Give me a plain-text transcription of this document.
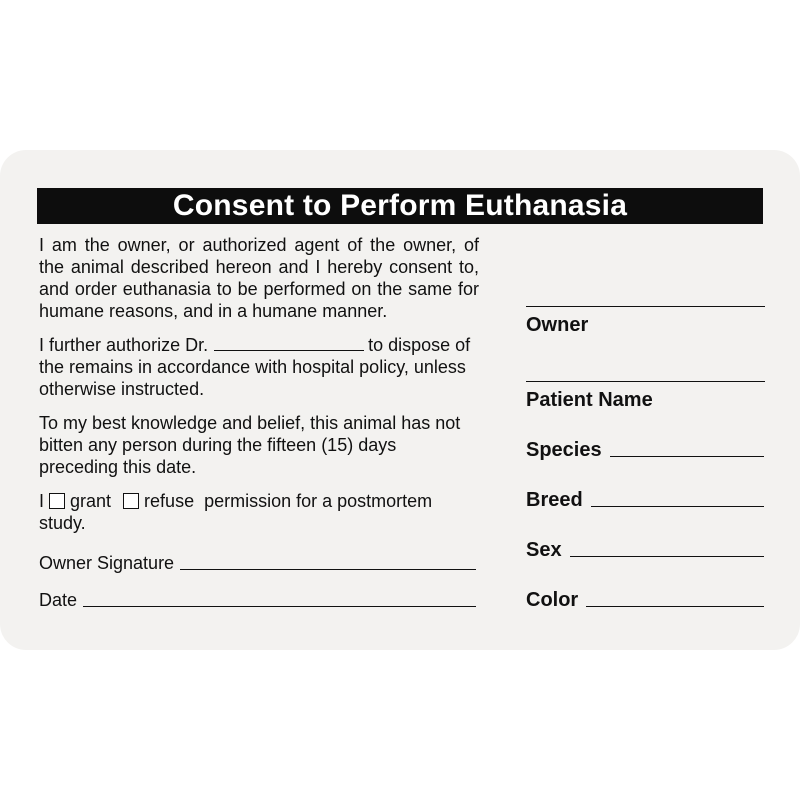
Consent to Perform Euthanasia

I am the owner, or authorized agent of the owner, of the animal described hereon and I hereby consent to, and order euthanasia to be performed on the same for humane reasons, and in a humane manner.

I further authorize Dr.	to dispose of the remains in accordance with hospital policy, unless otherwise instructed.

To my best knowledge and belief, this animal has not bitten any person during the fifteen (15) days preceding this date.

I grant refuse permission for a postmortem study.

Owner Signature
Date
Owner
Patient Name
Species
Breed
Sex
Color
